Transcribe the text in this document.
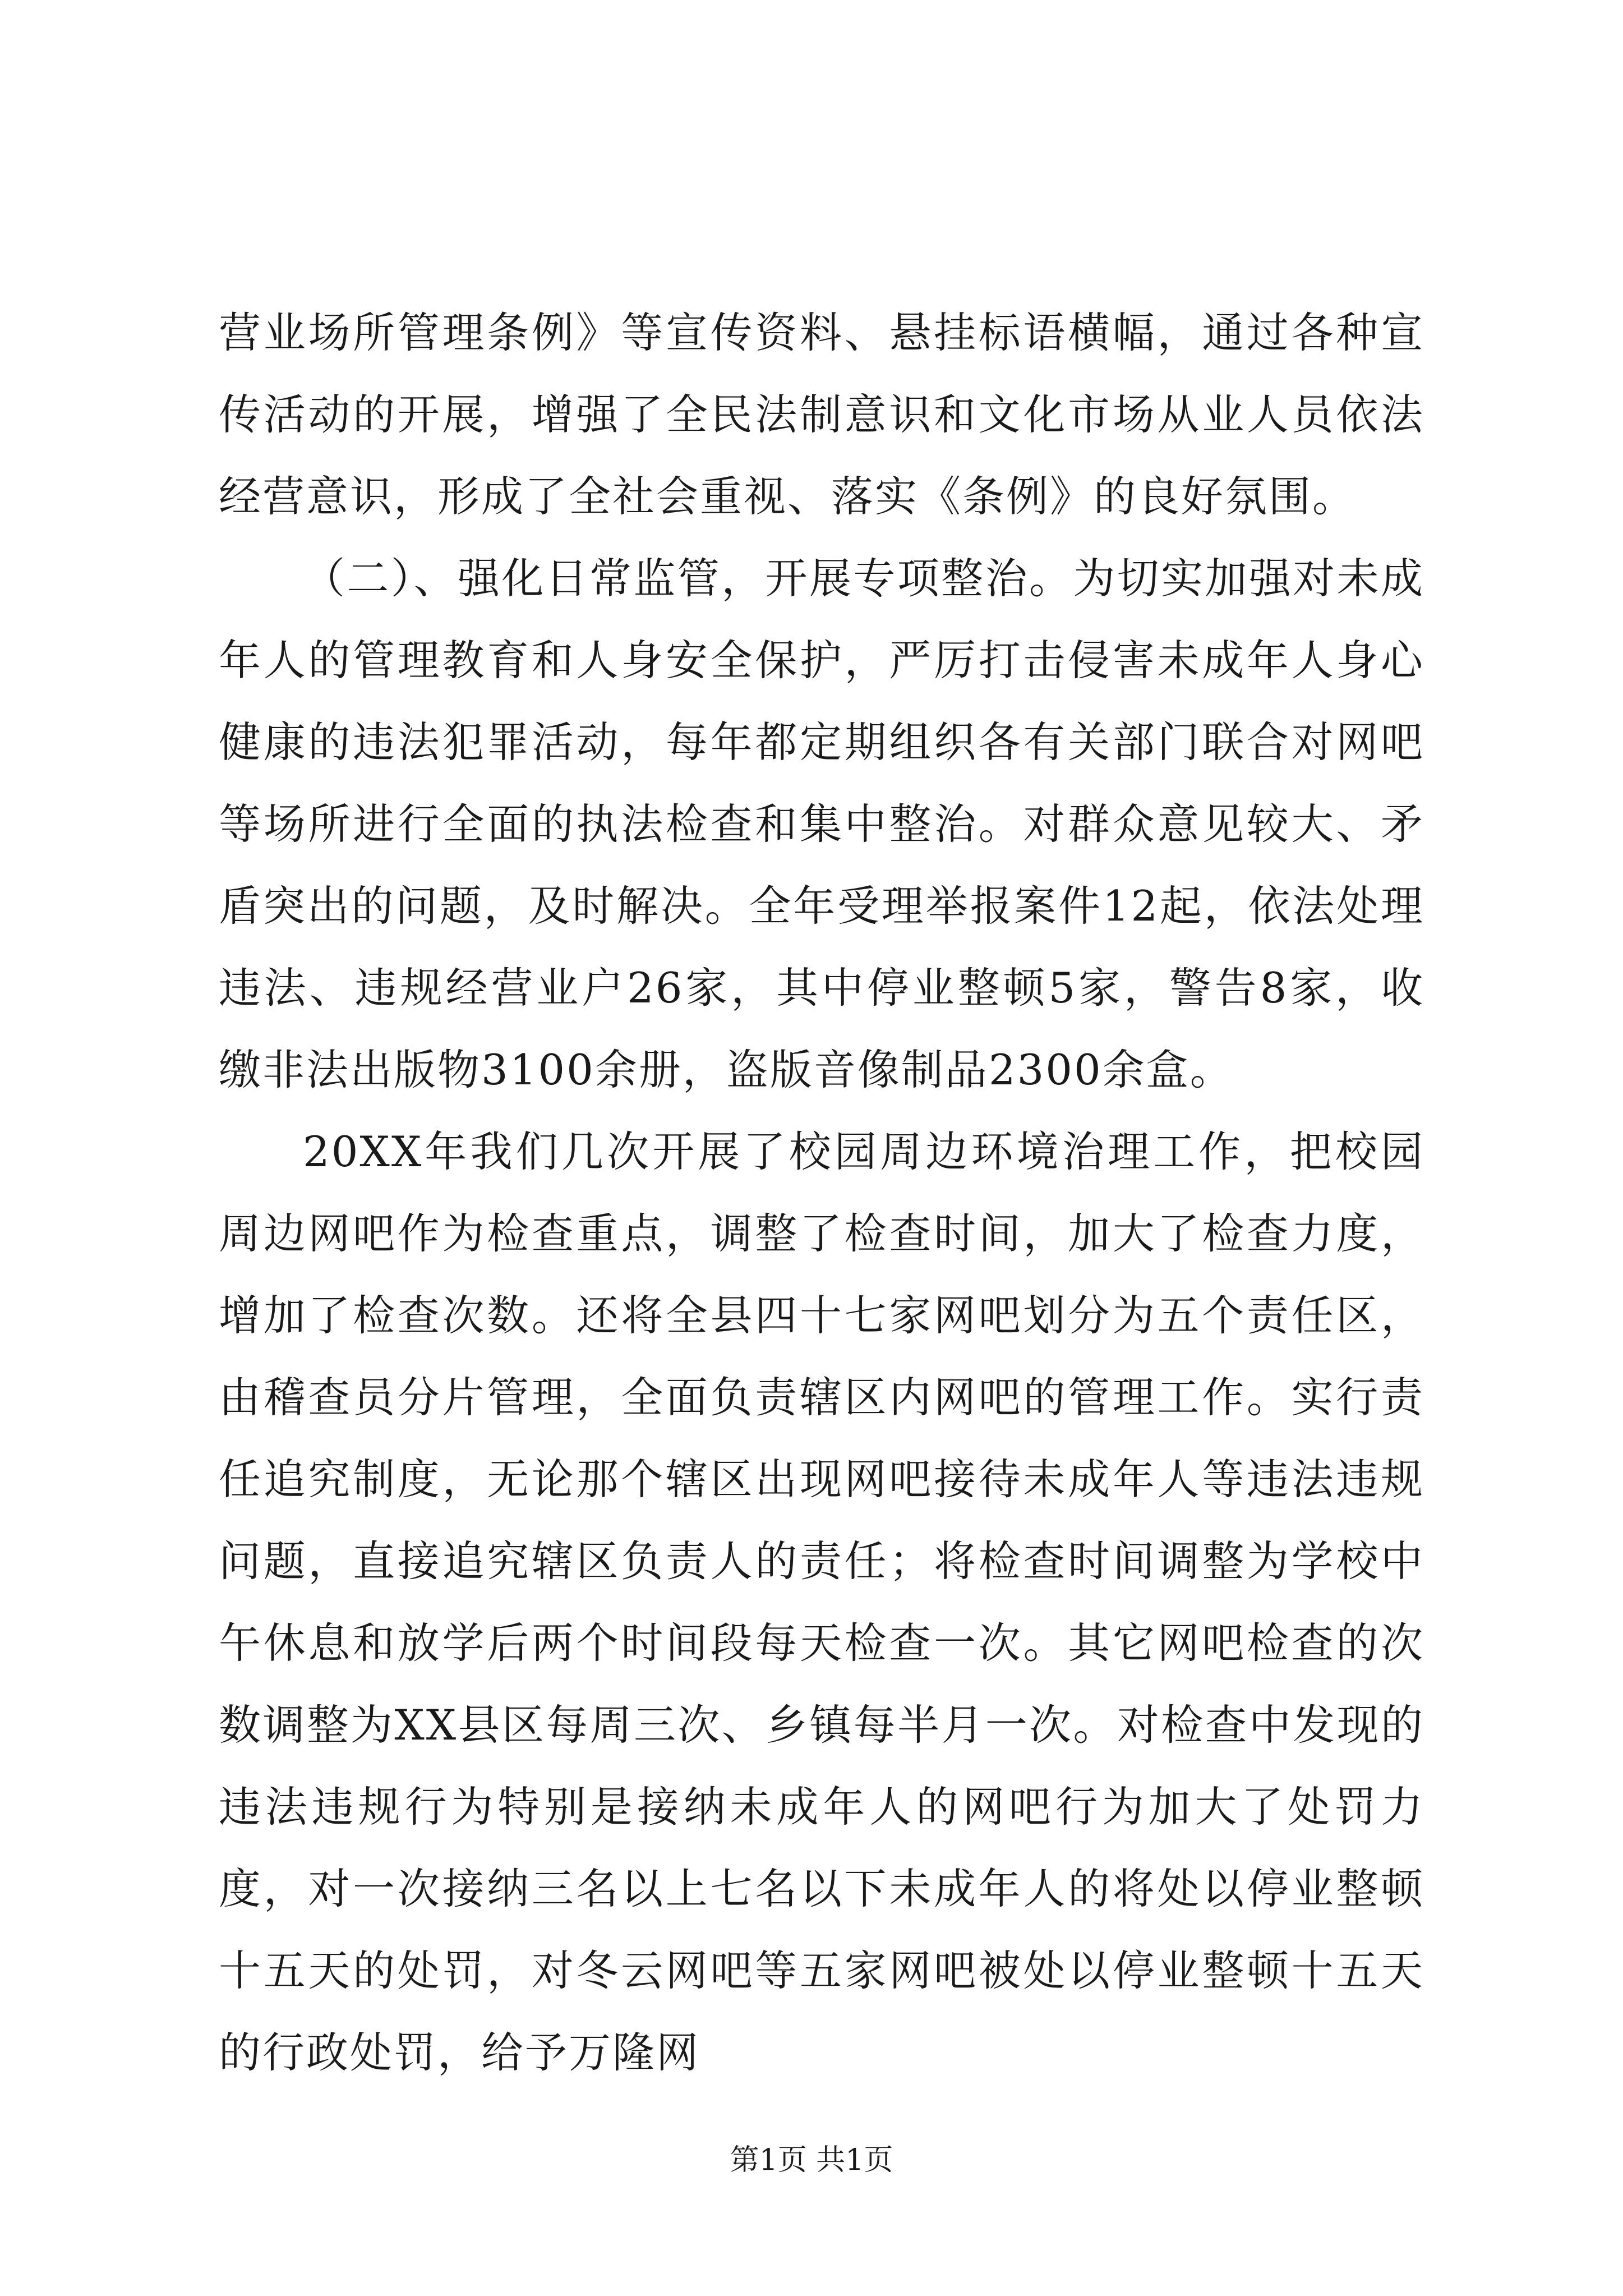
营业场所管理条例》等宣传资料、悬挂标语横幅，通过各种宣传活动的开展，增强了全民法制意识和文化市场从业人员依法经营意识，形成了全社会重视、落实《条例》的良好氛围。

（二）、强化日常监管，开展专项整治。为切实加强对未成年人的管理教育和人身安全保护，严厉打击侵害未成年人身心健康的违法犯罪活动，每年都定期组织各有关部门联合对网吧等场所进行全面的执法检查和集中整治。对群众意见较大、矛盾突出的问题，及时解决。全年受理举报案件12起，依法处理违法、违规经营业户26家，其中停业整顿5家，警告8家，收缴非法出版物3100余册，盗版音像制品2300余盒。

20XX年我们几次开展了校园周边环境治理工作，把校园周边网吧作为检查重点，调整了检查时间，加大了检查力度，增加了检查次数。还将全县四十七家网吧划分为五个责任区，由稽查员分片管理，全面负责辖区内网吧的管理工作。实行责任追究制度，无论那个辖区出现网吧接待未成年人等违法违规问题，直接追究辖区负责人的责任；将检查时间调整为学校中午休息和放学后两个时间段每天检查一次。其它网吧检查的次数调整为XX县区每周三次、乡镇每半月一次。对检查中发现的违法违规行为特别是接纳未成年人的网吧行为加大了处罚力度，对一次接纳三名以上七名以下未成年人的将处以停业整顿十五天的处罚，对冬云网吧等五家网吧被处以停业整顿十五天的行政处罚，给予万隆网

第1页 共1页
